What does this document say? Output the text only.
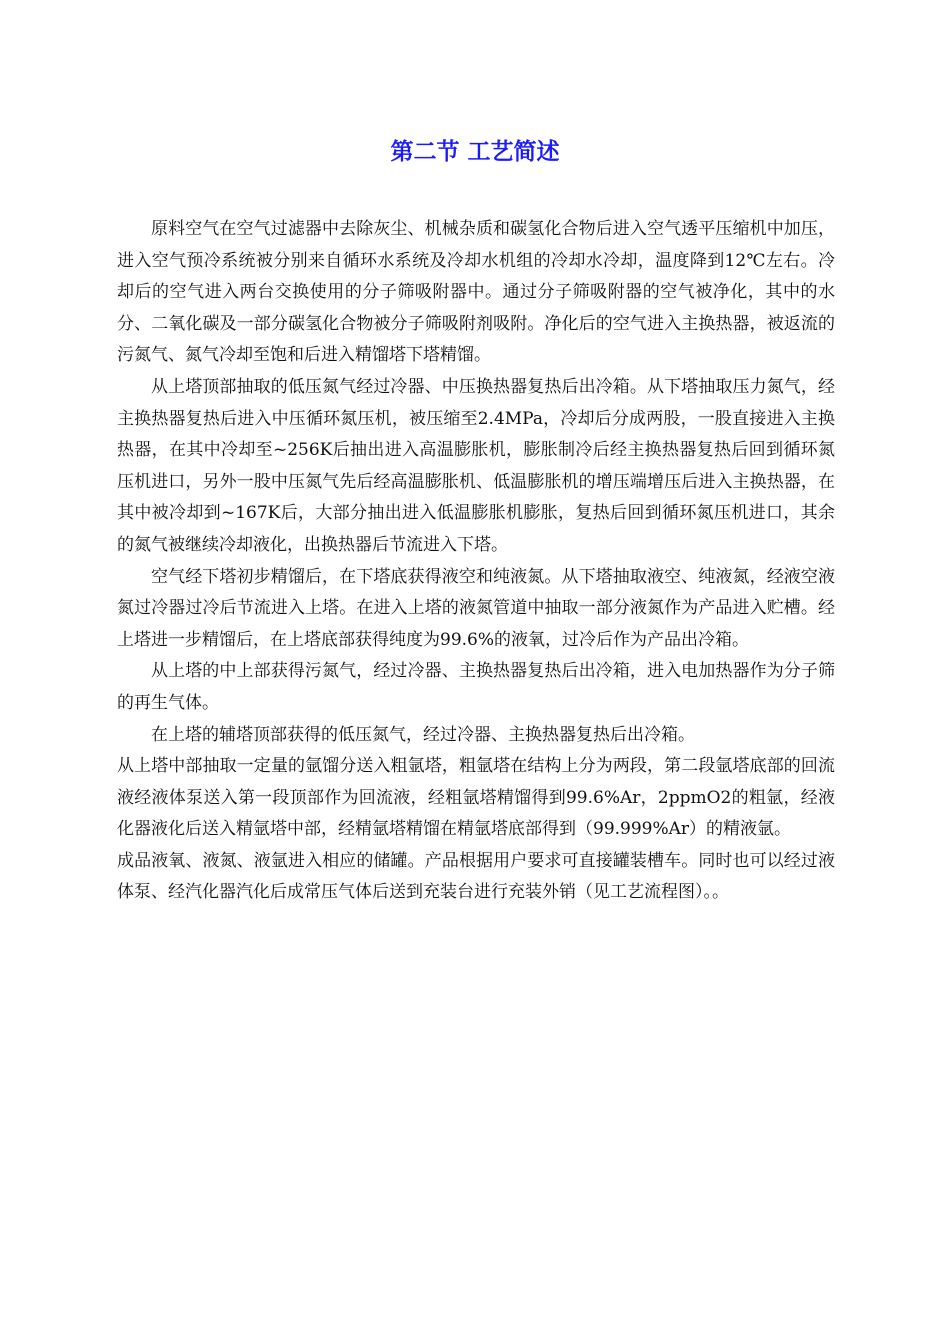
第二节 工艺简述

原料空气在空气过滤器中去除灰尘、机械杂质和碳氢化合物后进入空气透平压缩机中加压，进入空气预冷系统被分别来自循环水系统及冷却水机组的冷却水冷却，温度降到12℃左右。冷却后的空气进入两台交换使用的分子筛吸附器中。通过分子筛吸附器的空气被净化，其中的水分、二氧化碳及一部分碳氢化合物被分子筛吸附剂吸附。净化后的空气进入主换热器，被返流的污氮气、氮气冷却至饱和后进入精馏塔下塔精馏。

从上塔顶部抽取的低压氮气经过冷器、中压换热器复热后出冷箱。从下塔抽取压力氮气，经主换热器复热后进入中压循环氮压机，被压缩至2.4MPa，冷却后分成两股，一股直接进入主换热器，在其中冷却至~256K后抽出进入高温膨胀机，膨胀制冷后经主换热器复热后回到循环氮压机进口，另外一股中压氮气先后经高温膨胀机、低温膨胀机的增压端增压后进入主换热器，在其中被冷却到~167K后，大部分抽出进入低温膨胀机膨胀，复热后回到循环氮压机进口，其余的氮气被继续冷却液化，出换热器后节流进入下塔。

空气经下塔初步精馏后，在下塔底获得液空和纯液氮。从下塔抽取液空、纯液氮，经液空液氮过冷器过冷后节流进入上塔。在进入上塔的液氮管道中抽取一部分液氮作为产品进入贮槽。经上塔进一步精馏后，在上塔底部获得纯度为99.6%的液氧，过冷后作为产品出冷箱。

从上塔的中上部获得污氮气，经过冷器、主换热器复热后出冷箱，进入电加热器作为分子筛的再生气体。

在上塔的辅塔顶部获得的低压氮气，经过冷器、主换热器复热后出冷箱。

从上塔中部抽取一定量的氩馏分送入粗氩塔，粗氩塔在结构上分为两段，第二段氩塔底部的回流液经液体泵送入第一段顶部作为回流液，经粗氩塔精馏得到99.6%Ar，2ppmO2的粗氩，经液化器液化后送入精氩塔中部，经精氩塔精馏在精氩塔底部得到（99.999%Ar）的精液氩。

成品液氧、液氮、液氩进入相应的储罐。产品根据用户要求可直接罐装槽车。同时也可以经过液体泵、经汽化器汽化后成常压气体后送到充装台进行充装外销（见工艺流程图）。。
